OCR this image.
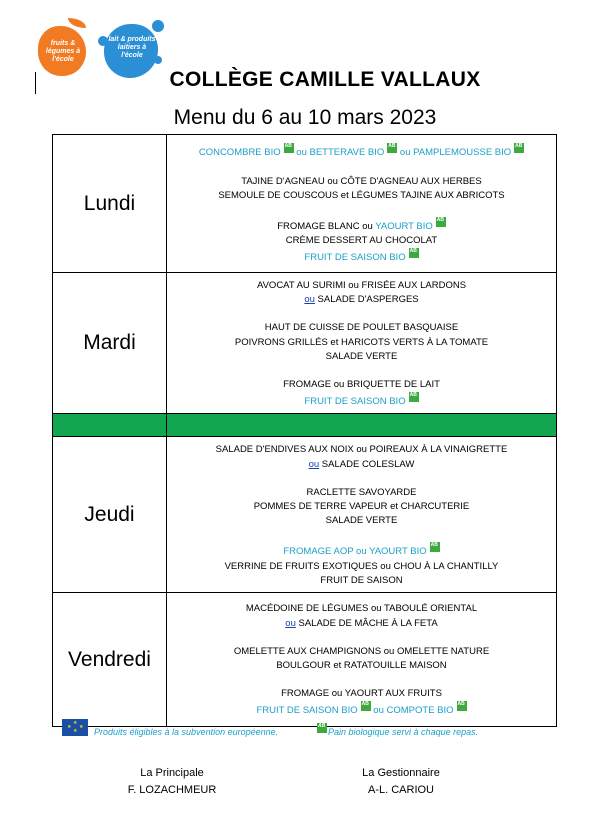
fruits & légumes à l'école
lait & produits laitiers à l'école
COLLÈGE CAMILLE VALLAUX
Menu du 6 au 10 mars 2023
Lundi	
CONCOMBRE BIOAB ou BETTERAVE BIOAB ou PAMPLEMOUSSE BIOAB
TAJINE D'AGNEAU ou CÔTE D'AGNEAU AUX HERBES
SEMOULE DE COUSCOUS et LÉGUMES TAJINE AUX ABRICOTS
FROMAGE BLANC ou YAOURT BIOAB
CRÈME DESSERT AU CHOCOLAT
FRUIT DE SAISON BIOAB

Mardi	
AVOCAT AU SURIMI ou FRISÉE AUX LARDONS
ou SALADE D'ASPERGES
HAUT DE CUISSE DE POULET BASQUAISE
POIVRONS GRILLÉS et HARICOTS VERTS À LA TOMATE
SALADE VERTE
FROMAGE ou BRIQUETTE DE LAIT
FRUIT DE SAISON BIOAB

Jeudi	
SALADE D'ENDIVES AUX NOIX ou POIREAUX À LA VINAIGRETTE
ou SALADE COLESLAW
RACLETTE SAVOYARDE
POMMES DE TERRE VAPEUR et CHARCUTERIE
SALADE VERTE
FROMAGE AOP ou YAOURT BIOAB
VERRINE DE FRUITS EXOTIQUES ou CHOU À LA CHANTILLY
FRUIT DE SAISON

Vendredi	
MACÉDOINE DE LÉGUMES ou TABOULÉ ORIENTAL
ou SALADE DE MÂCHE À LA FETA
OMELETTE AUX CHAMPIGNONS ou OMELETTE NATURE
BOULGOUR et RATATOUILLE MAISON
FROMAGE ou YAOURT AUX FRUITS
FRUIT DE SAISON BIOAB ou COMPOTE BIOAB
★
★ ★
★ Produits éligibles à la subvention européenne.
AB	Pain biologique servi à chaque repas.
La Principale
F. LOZACHMEUR
La Gestionnaire
A-L. CARIOU
